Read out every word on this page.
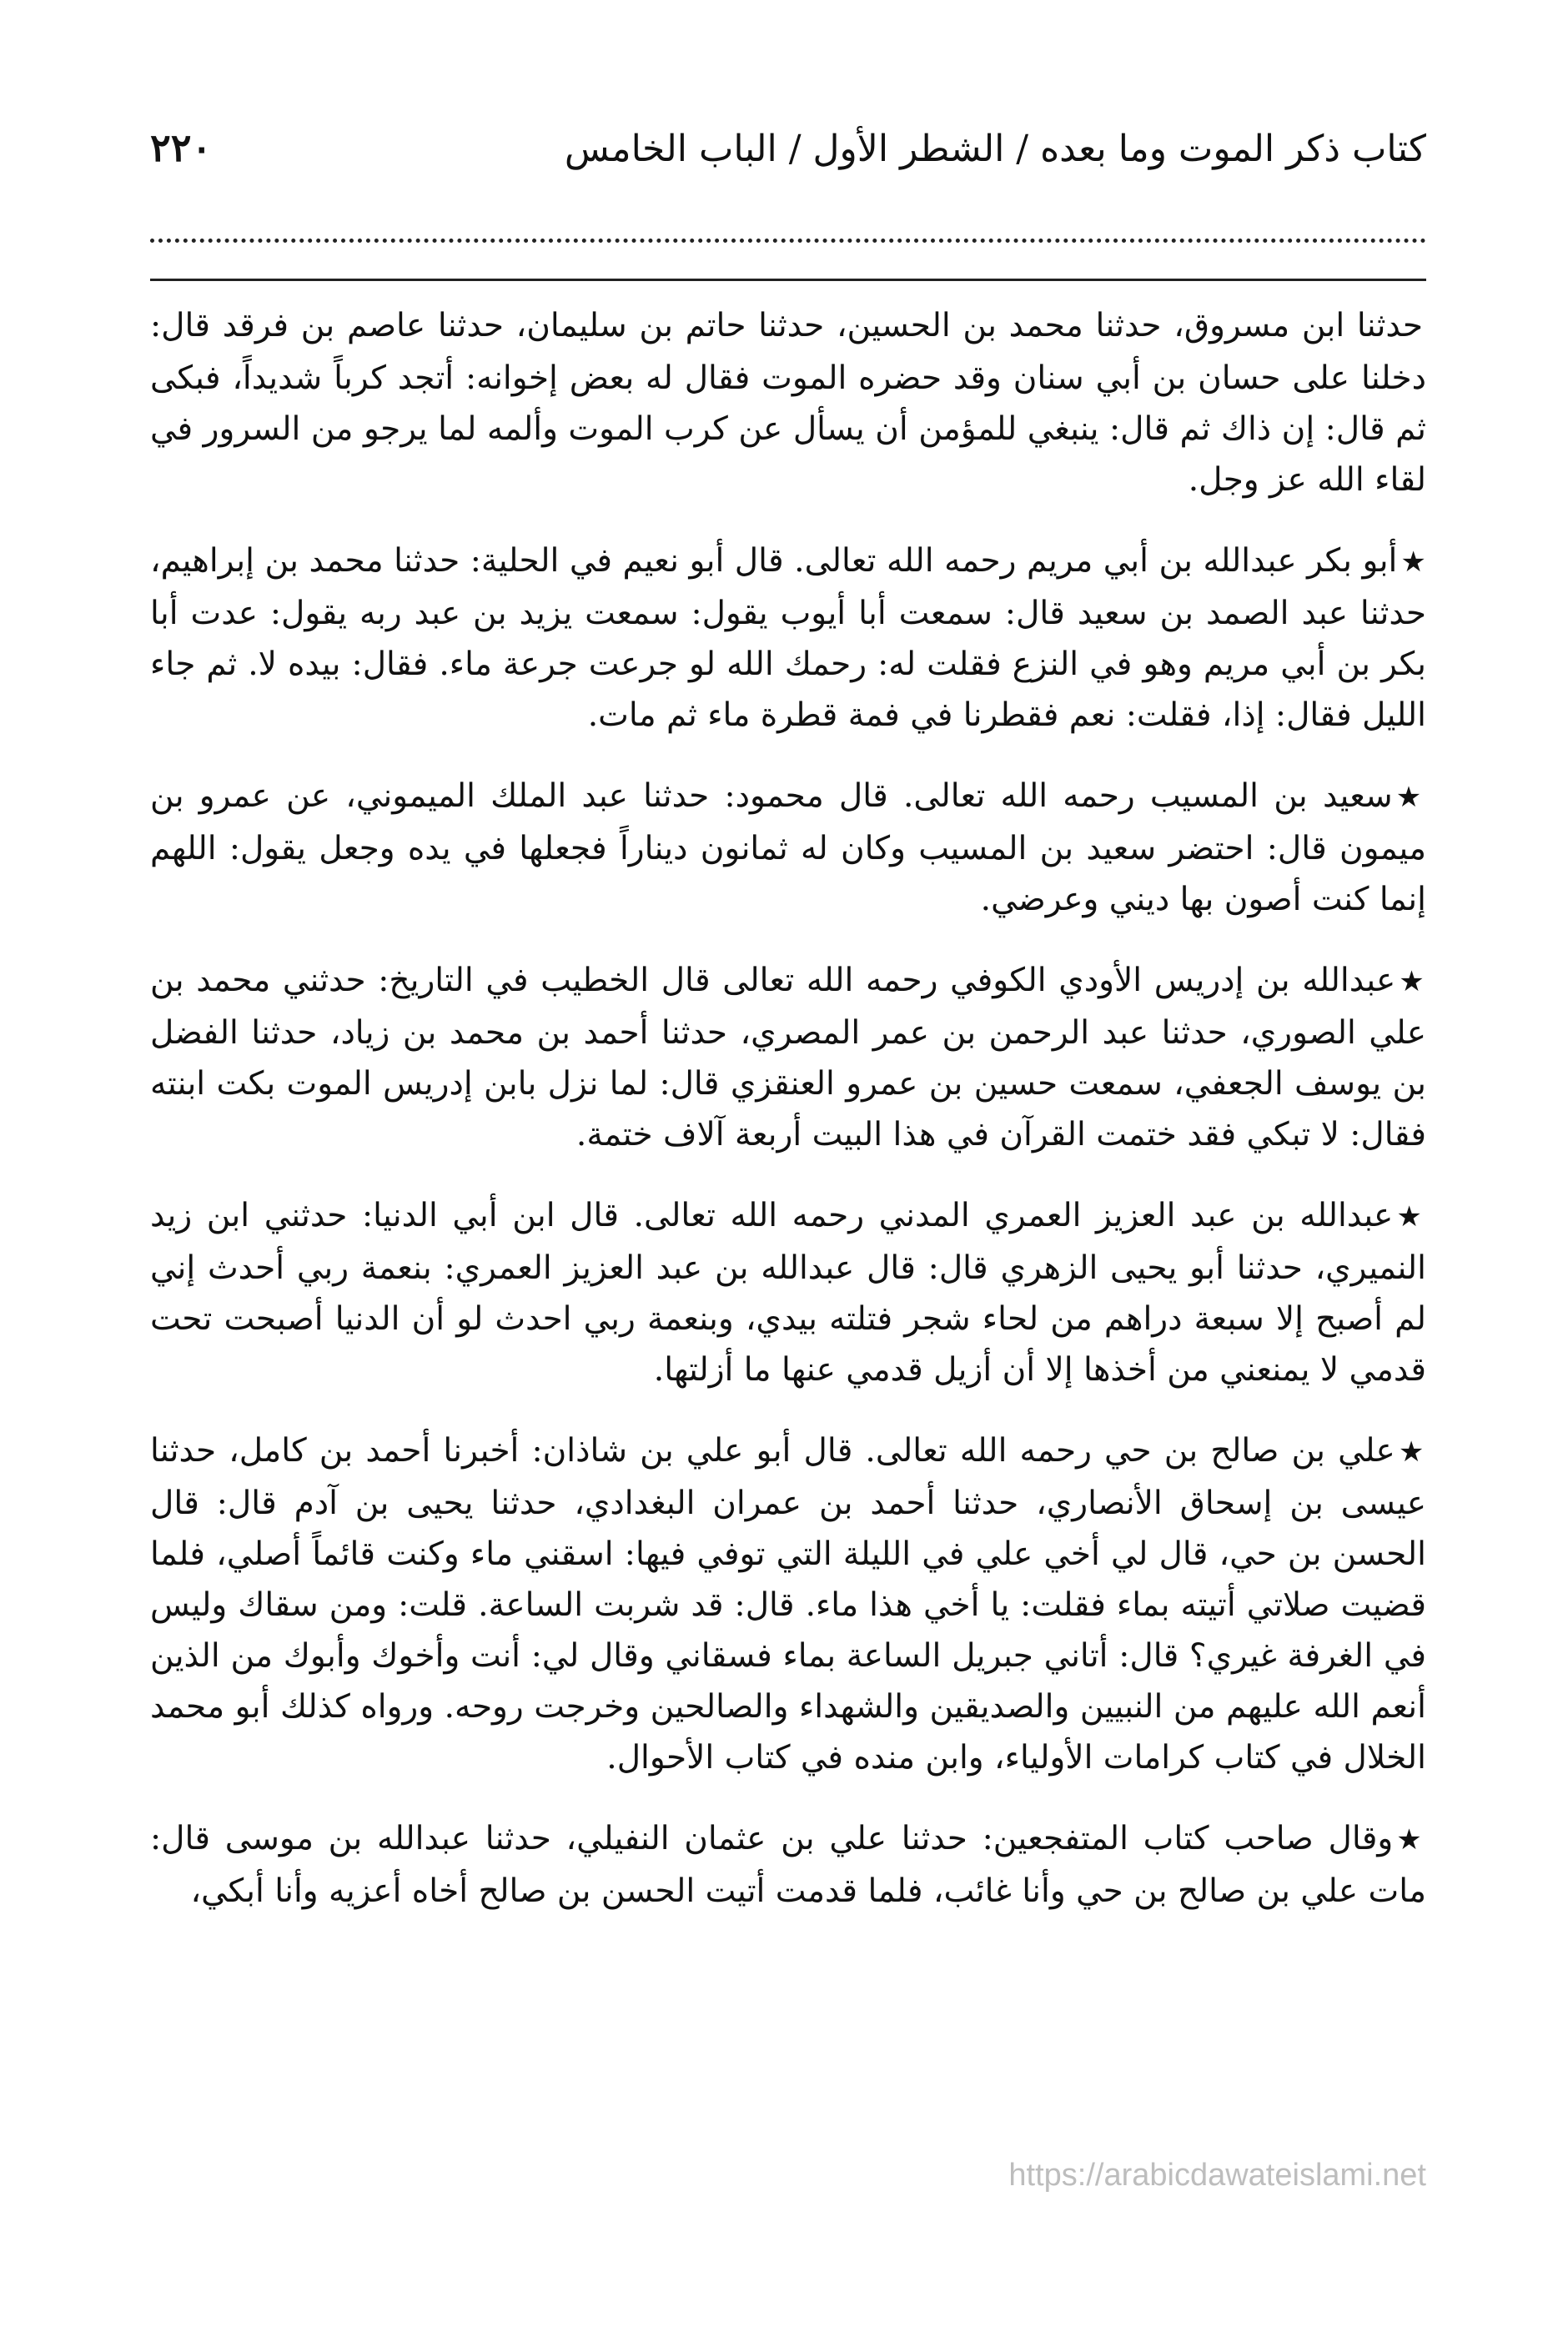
كتاب ذكر الموت وما بعده / الشطر الأول / الباب الخامس
٢٢٠

حدثنا ابن مسروق، حدثنا محمد بن الحسين، حدثنا حاتم بن سليمان، حدثنا عاصم بن فرقد قال: دخلنا على حسان بن أبي سنان وقد حضره الموت فقال له بعض إخوانه: أتجد كرباً شديداً، فبكى ثم قال: إن ذاك ثم قال: ينبغي للمؤمن أن يسأل عن كرب الموت وألمه لما يرجو من السرور في لقاء الله عز وجل.

★أبو بكر عبدالله بن أبي مريم رحمه الله تعالى. قال أبو نعيم في الحلية: حدثنا محمد بن إبراهيم، حدثنا عبد الصمد بن سعيد قال: سمعت أبا أيوب يقول: سمعت يزيد بن عبد ربه يقول: عدت أبا بكر بن أبي مريم وهو في النزع فقلت له: رحمك الله لو جرعت جرعة ماء. فقال: بيده لا. ثم جاء الليل فقال: إذا، فقلت: نعم فقطرنا في فمة قطرة ماء ثم مات.

★سعيد بن المسيب رحمه الله تعالى. قال محمود: حدثنا عبد الملك الميموني، عن عمرو بن ميمون قال: احتضر سعيد بن المسيب وكان له ثمانون ديناراً فجعلها في يده وجعل يقول: اللهم إنما كنت أصون بها ديني وعرضي.

★عبدالله بن إدريس الأودي الكوفي رحمه الله تعالى قال الخطيب في التاريخ: حدثني محمد بن علي الصوري، حدثنا عبد الرحمن بن عمر المصري، حدثنا أحمد بن محمد بن زياد، حدثنا الفضل بن يوسف الجعفي، سمعت حسين بن عمرو العنقزي قال: لما نزل بابن إدريس الموت بكت ابنته فقال: لا تبكي فقد ختمت القرآن في هذا البيت أربعة آلاف ختمة.

★عبدالله بن عبد العزيز العمري المدني رحمه الله تعالى. قال ابن أبي الدنيا: حدثني ابن زيد النميري، حدثنا أبو يحيى الزهري قال: قال عبدالله بن عبد العزيز العمري: بنعمة ربي أحدث إني لم أصبح إلا سبعة دراهم من لحاء شجر فتلته بيدي، وبنعمة ربي احدث لو أن الدنيا أصبحت تحت قدمي لا يمنعني من أخذها إلا أن أزيل قدمي عنها ما أزلتها.

★علي بن صالح بن حي رحمه الله تعالى. قال أبو علي بن شاذان: أخبرنا أحمد بن كامل، حدثنا عيسى بن إسحاق الأنصاري، حدثنا أحمد بن عمران البغدادي، حدثنا يحيى بن آدم قال: قال الحسن بن حي، قال لي أخي علي في الليلة التي توفي فيها: اسقني ماء وكنت قائماً أصلي، فلما قضيت صلاتي أتيته بماء فقلت: يا أخي هذا ماء. قال: قد شربت الساعة. قلت: ومن سقاك وليس في الغرفة غيري؟ قال: أتاني جبريل الساعة بماء فسقاني وقال لي: أنت وأخوك وأبوك من الذين أنعم الله عليهم من النبيين والصديقين والشهداء والصالحين وخرجت روحه. ورواه كذلك أبو محمد الخلال في كتاب كرامات الأولياء، وابن منده في كتاب الأحوال.

★وقال صاحب كتاب المتفجعين: حدثنا علي بن عثمان النفيلي، حدثنا عبدالله بن موسى قال: مات علي بن صالح بن حي وأنا غائب، فلما قدمت أتيت الحسن بن صالح أخاه أعزيه وأنا أبكي،

https://arabicdawateislami.net
